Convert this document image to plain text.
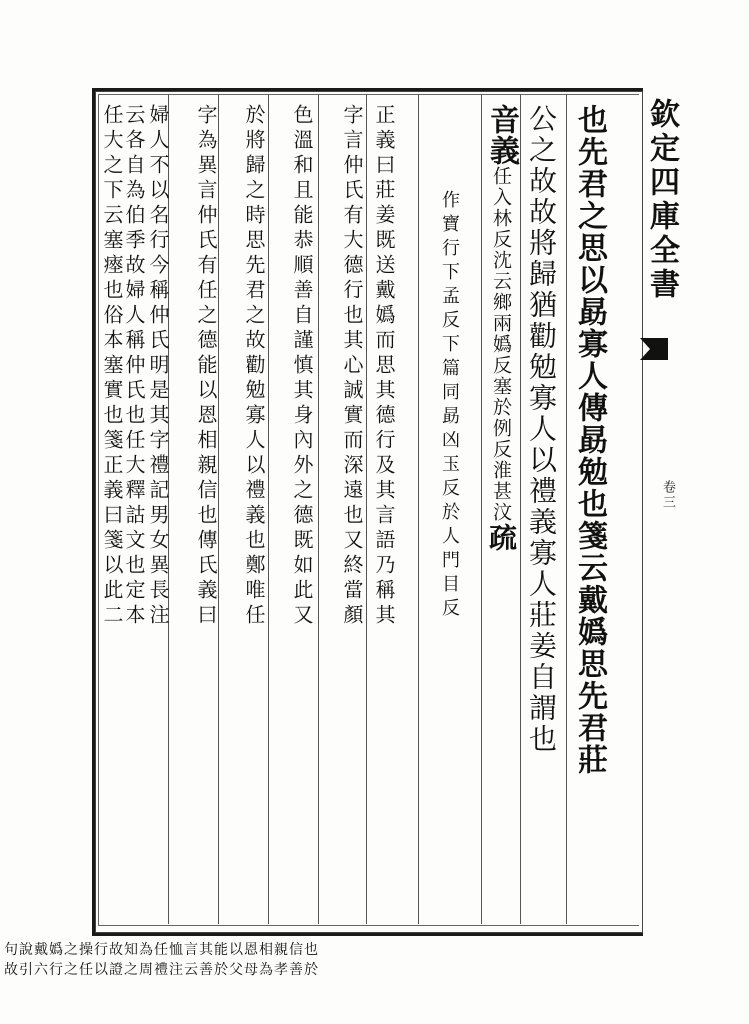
欽定四庫全書
卷三
也先君之思以勗寡人傳勗勉也箋云戴嬀思先君莊
公之故故將歸猶勸勉寡人以禮義寡人莊姜自謂也
音義任入林反沈云鄉兩嬀反塞於例反淮甚汶疏
作寶行下孟反下篇同勗凶玉反於人門目反
正義曰莊姜既送戴嬀而思其德行及其言語乃稱其
字言仲氏有大德行也其心誠實而深遠也又終當顏
色溫和且能恭順善自謹慎其身內外之德既如此又
於將歸之時思先君之故勸勉寡人以禮義也鄭唯任
字為異言仲氏有任之德能以恩相親信也傳氏義曰
婦人不以名行今稱仲氏明是其字禮記男女異長注
云各自為伯季故婦人稱仲氏也任大釋詁文也定本
任大之下云塞瘞也俗本塞實也箋正義曰箋以此二
句說戴嬀之操行故知為任恤言其能以恩相親信也
故引六行之任以證之周禮注云善於父母為孝善於
